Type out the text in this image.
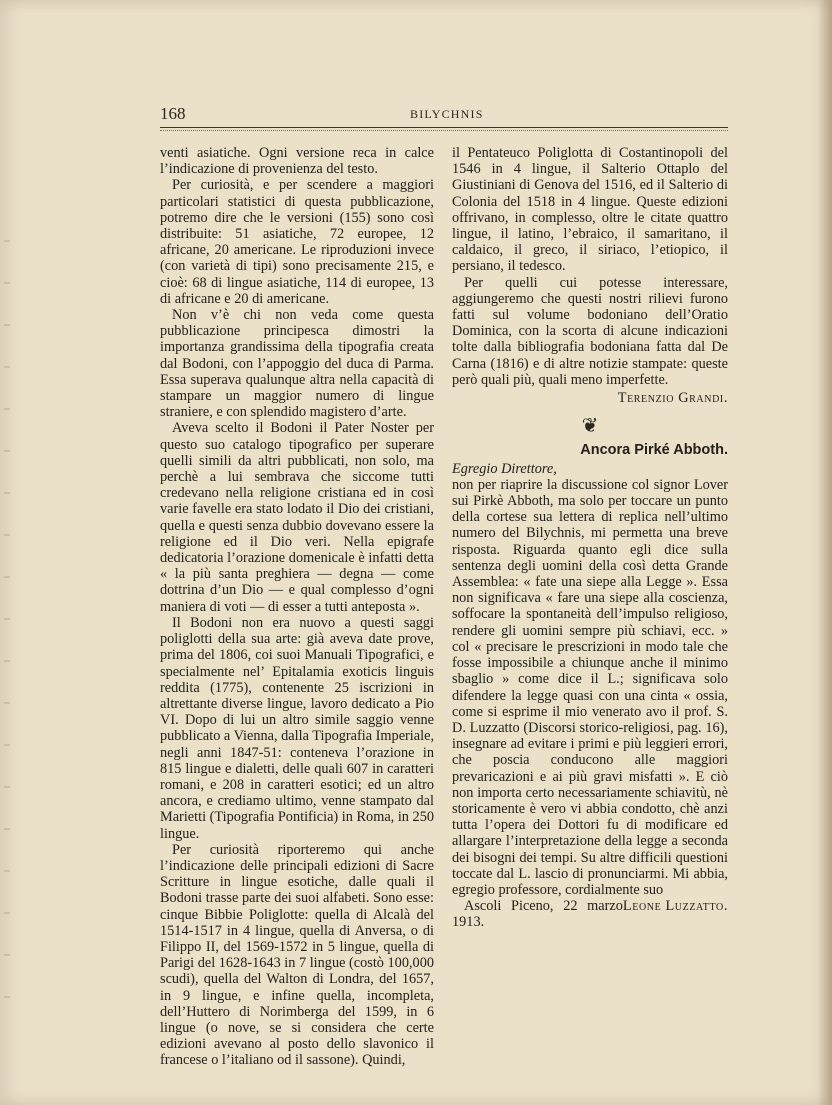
168	BILYCHNIS

venti asiatiche. Ogni versione reca in calce l’indicazione di provenienza del testo.

Per curiosità, e per scendere a maggiori particolari statistici di questa pubblicazione, potremo dire che le versioni (155) sono così distribuite: 51 asiatiche, 72 europee, 12 africane, 20 americane. Le riproduzioni invece (con varietà di tipi) sono precisamente 215, e cioè: 68 di lingue asiatiche, 114 di europee, 13 di africane e 20 di americane.

Non v’è chi non veda come questa pubblicazione principesca dimostri la importanza grandissima della tipografia creata dal Bodoni, con l’appoggio del duca di Parma. Essa superava qualunque altra nella capacità di stampare un maggior numero di lingue straniere, e con splendido magistero d’arte.

Aveva scelto il Bodoni il Pater Noster per questo suo catalogo tipografico per superare quelli simili da altri pubblicati, non solo, ma perchè a lui sembrava che siccome tutti credevano nella religione cristiana ed in così varie favelle era stato lodato il Dio dei cristiani, quella e questi senza dubbio dovevano essere la religione ed il Dio veri. Nella epigrafe dedicatoria l’orazione domenicale è infatti detta « la più santa preghiera — degna — come dottrina d’un Dio — e qual complesso d’ogni maniera di voti — di esser a tutti anteposta ».

Il Bodoni non era nuovo a questi saggi poliglotti della sua arte: già aveva date prove, prima del 1806, coi suoi Manuali Tipografici, e specialmente nel’ Epitalamia exoticis linguis reddita (1775), contenente 25 iscrizioni in altrettante diverse lingue, lavoro dedicato a Pio VI. Dopo di lui un altro simile saggio venne pubblicato a Vienna, dalla Tipografia Imperiale, negli anni 1847-51: conteneva l’orazione in 815 lingue e dialetti, delle quali 607 in caratteri romani, e 208 in caratteri esotici; ed un altro ancora, e crediamo ultimo, venne stampato dal Marietti (Tipografia Pontificia) in Roma, in 250 lingue.

Per curiosità riporteremo qui anche l’indicazione delle principali edizioni di Sacre Scritture in lingue esotiche, dalle quali il Bodoni trasse parte dei suoi alfabeti. Sono esse: cinque Bibbie Poliglotte: quella di Alcalà del 1514-1517 in 4 lingue, quella di Anversa, o di Filippo II, del 1569-1572 in 5 lingue, quella di Parigi del 1628-1643 in 7 lingue (costò 100,000 scudi), quella del Walton di Londra, del 1657, in 9 lingue, e infine quella, incompleta, dell’Huttero di Norimberga del 1599, in 6 lingue (o nove, se si considera che certe edizioni avevano al posto dello slavonico il francese o l’italiano od il sassone). Quindi,

il Pentateuco Poliglotta di Costantinopoli del 1546 in 4 lingue, il Salterio Ottaplo del Giustiniani di Genova del 1516, ed il Salterio di Colonia del 1518 in 4 lingue. Queste edizioni offrivano, in complesso, oltre le citate quattro lingue, il latino, l’ebraico, il samaritano, il caldaico, il greco, il siriaco, l’etiopico, il persiano, il tedesco.

Per quelli cui potesse interessare, aggiungeremo che questi nostri rilievi furono fatti sul volume bodoniano dell’Oratio Dominica, con la scorta di alcune indicazioni tolte dalla bibliografia bodoniana fatta dal De Carna (1816) e di altre notizie stampate: queste però quali più, quali meno imperfette.

Terenzio Grandi.
❦
Ancora Pirké Abboth.

Egregio Direttore,

non per riaprire la discussione col signor Lover sui Pirkè Abboth, ma solo per toccare un punto della cortese sua lettera di replica nell’ultimo numero del Bilychnis, mi permetta una breve risposta. Riguarda quanto egli dice sulla sentenza degli uomini della così detta Grande Assemblea: « fate una siepe alla Legge ». Essa non significava « fare una siepe alla coscienza, soffocare la spontaneità dell’impulso religioso, rendere gli uomini sempre più schiavi, ecc. » col « precisare le prescrizioni in modo tale che fosse impossibile a chiunque anche il minimo sbaglio » come dice il L.; significava solo difendere la legge quasi con una cinta « ossia, come si esprime il mio venerato avo il prof. S. D. Luzzatto (Discorsi storico-religiosi, pag. 16), insegnare ad evitare i primi e più leggieri errori, che poscia conducono alle maggiori prevaricazioni e ai più gravi misfatti ». E ciò non importa certo necessariamente schiavitù, nè storicamente è vero vi abbia condotto, chè anzi tutta l’opera dei Dottori fu di modificare ed allargare l’interpretazione della legge a seconda dei bisogni dei tempi. Su altre difficili questioni toccate dal L. lascio di pronunciarmi. Mi abbia, egregio professore, cordialmente suo
Leone Luzzatto.

Ascoli Piceno, 22 marzo 1913.
